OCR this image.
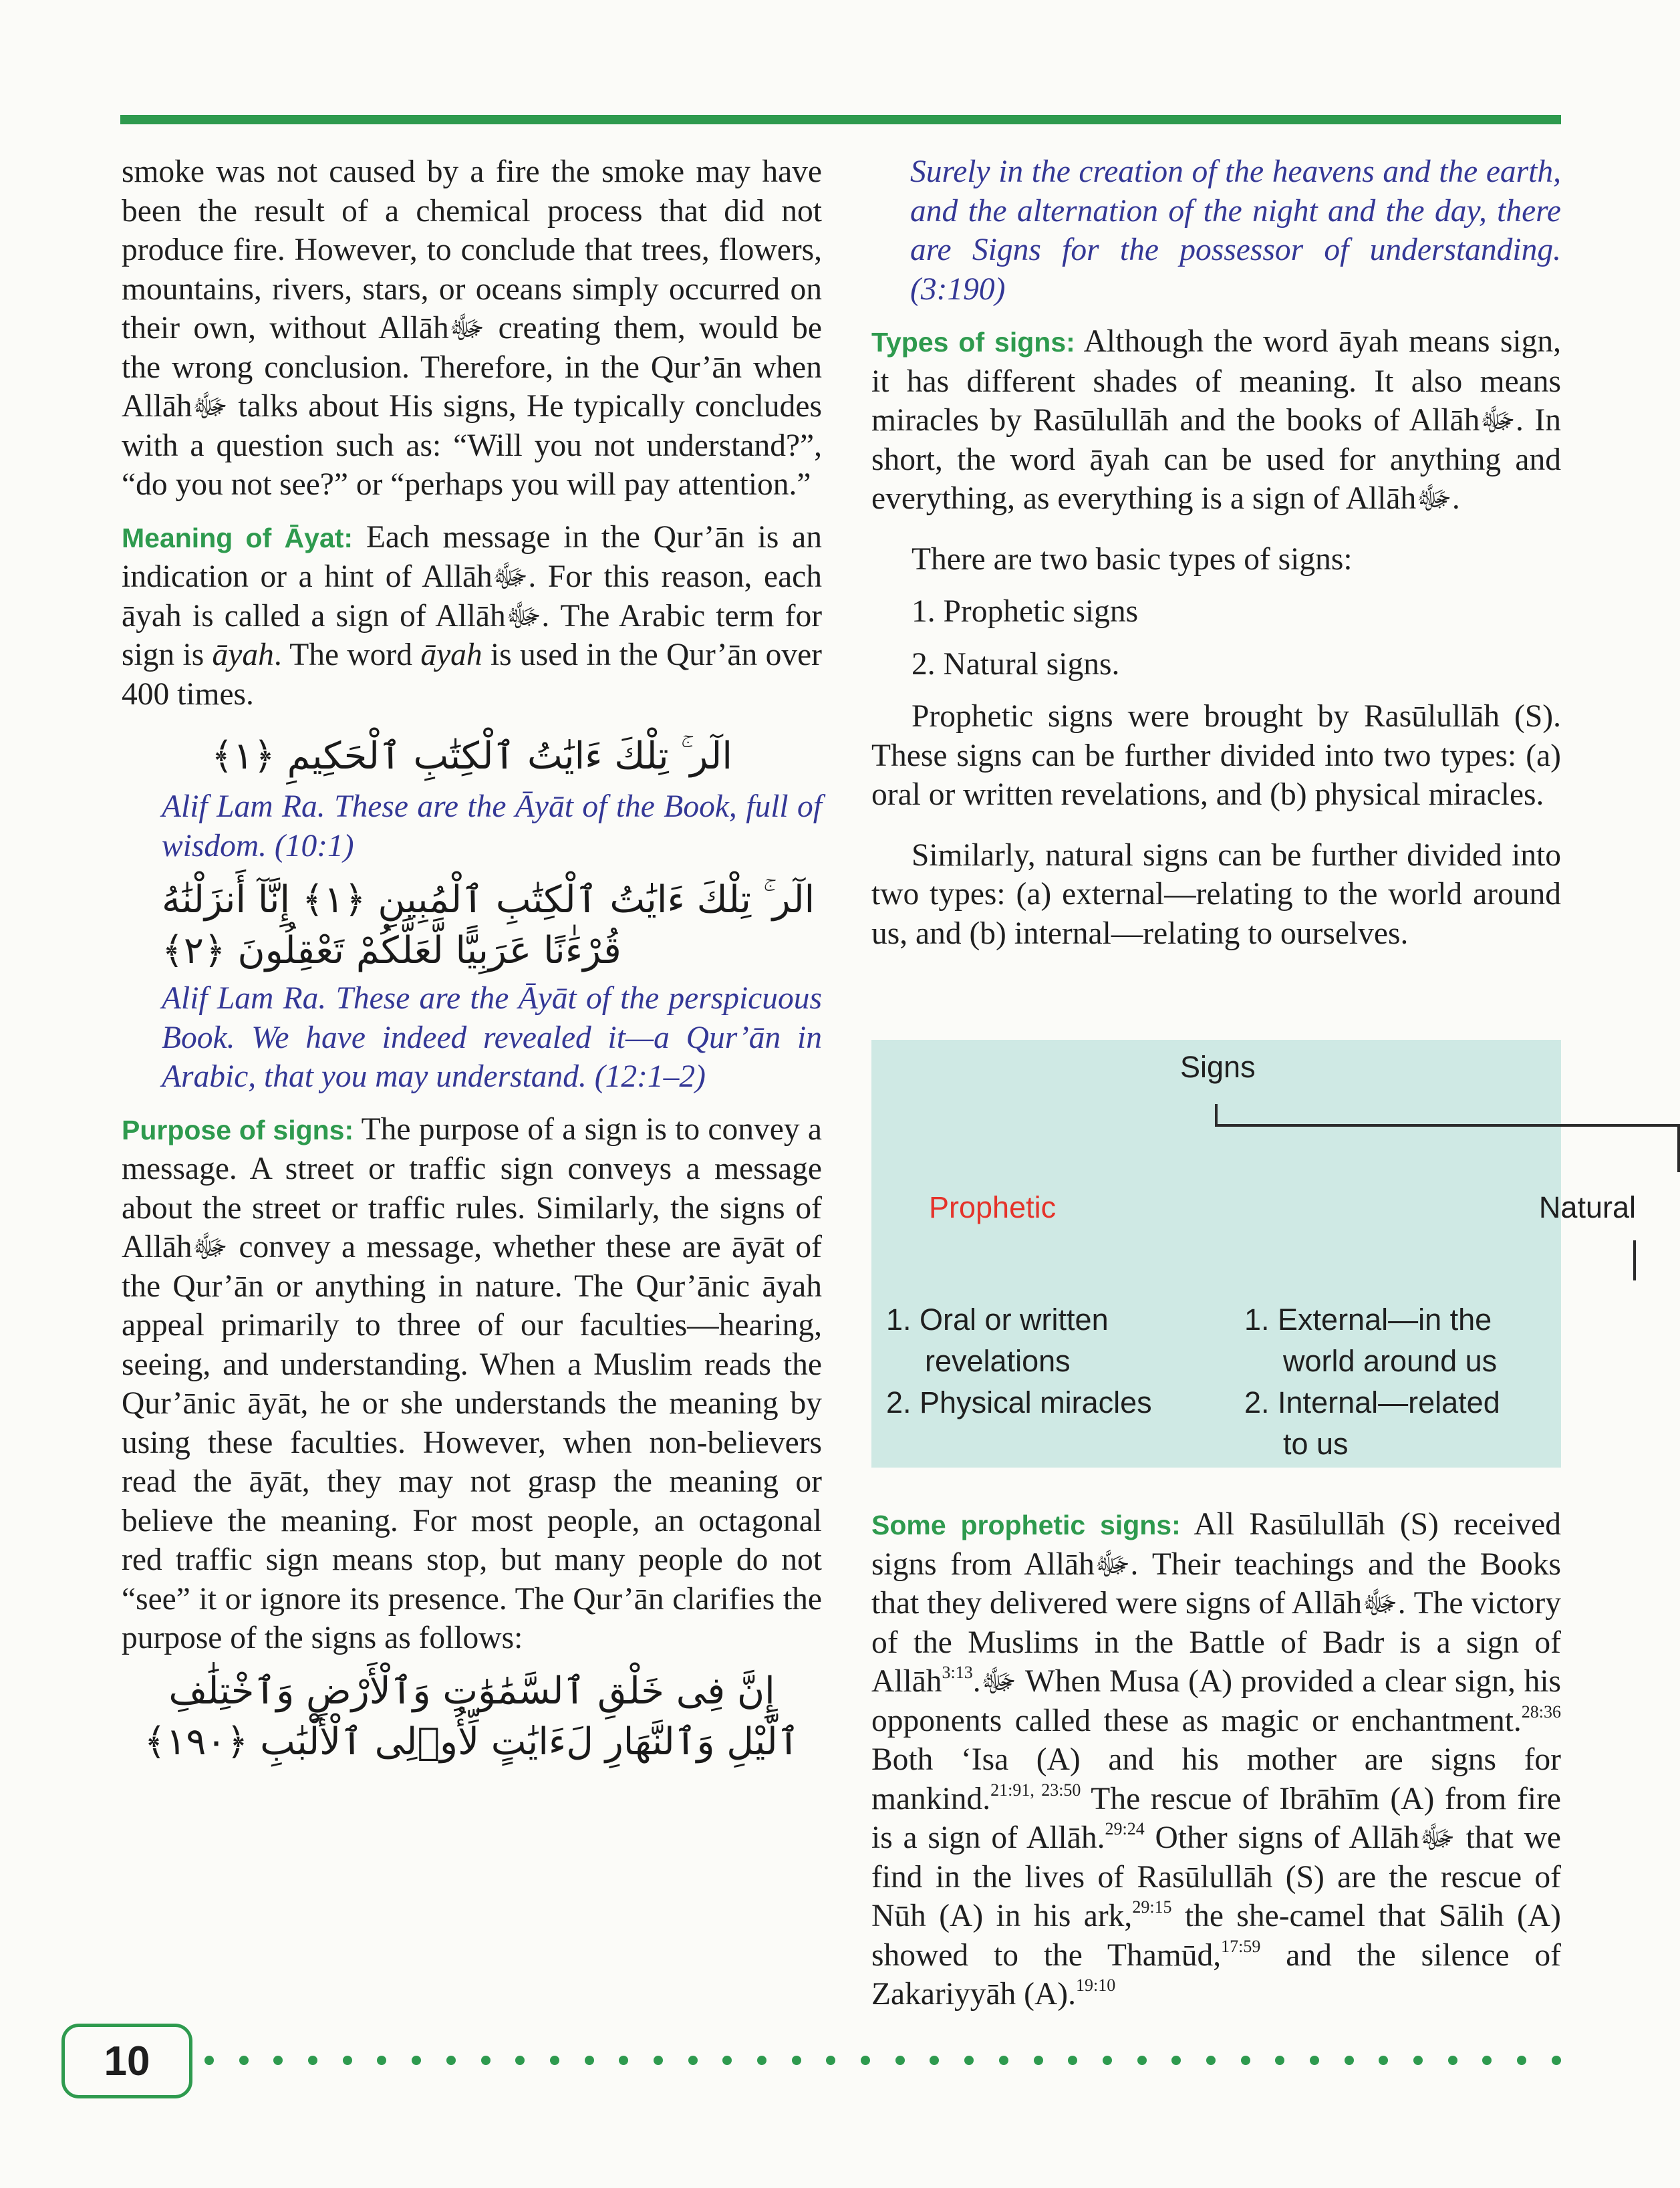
smoke was not caused by a fire the smoke may have been the result of a chemical process that did not produce fire. However, to conclude that trees, flowers, mountains, rivers, stars, or oceans simply occurred on their own, without Allāhﷻ creating them, would be the wrong conclusion. Therefore, in the Qur’ān when Allāhﷻ talks about His signs, He typically concludes with a question such as: “Will you not understand?”, “do you not see?” or “perhaps you will pay attention.”

Meaning of Āyat: Each message in the Qur’ān is an indication or a hint of Allāhﷻ. For this reason, each āyah is called a sign of Allāhﷻ. The Arabic term for sign is āyah. The word āyah is used in the Qur’ān over 400 times.

الٓر ۚ تِلْكَ ءَايَٰتُ ٱلْكِتَٰبِ ٱلْحَكِيمِ ﴿١﴾

Alif Lam Ra. These are the Āyāt of the Book, full of wisdom. (10:1)

الٓر ۚ تِلْكَ ءَايَٰتُ ٱلْكِتَٰبِ ٱلْمُبِينِ ﴿١﴾ إِنَّآ أَنزَلْنَٰهُ
قُرْءَٰنًا عَرَبِيًّا لَّعَلَّكُمْ تَعْقِلُونَ ﴿٢﴾

Alif Lam Ra. These are the Āyāt of the perspicuous Book. We have indeed revealed it—a Qur’ān in Arabic, that you may understand. (12:1–2)

Purpose of signs: The purpose of a sign is to convey a message. A street or traffic sign conveys a message about the street or traffic rules. Similarly, the signs of Allāhﷻ convey a message, whether these are āyāt of the Qur’ān or anything in nature. The Qur’ānic āyah appeal primarily to three of our faculties—hearing, seeing, and understanding. When a Muslim reads the Qur’ānic āyāt, he or she understands the meaning by using these faculties. However, when non-believers read the āyāt, they may not grasp the meaning or believe the meaning. For most people, an octagonal red traffic sign means stop, but many people do not “see” it or ignore its presence. The Qur’ān clarifies the purpose of the signs as follows:

إِنَّ فِى خَلْقِ ٱلسَّمَٰوَٰتِ وَٱلْأَرْضِ وَٱخْتِلَٰفِ
ٱلَّيْلِ وَٱلنَّهَارِ لَءَايَٰتٍ لِّأُو۟لِى ٱلْأَلْبَٰبِ ﴿١٩٠﴾

Surely in the creation of the heavens and the earth, and the alternation of the night and the day, there are Signs for the possessor of understanding. (3:190)

Types of signs: Although the word āyah means sign, it has different shades of meaning. It also means miracles by Rasūlullāh and the books of Allāhﷻ. In short, the word āyah can be used for anything and everything, as everything is a sign of Allāhﷻ.

There are two basic types of signs:

1. Prophetic signs

2. Natural signs.

Prophetic signs were brought by Rasūlullāh (S). These signs can be further divided into two types: (a) oral or written revelations, and (b) physical miracles.

Similarly, natural signs can be further divided into two types: (a) external—relating to the world around us, and (b) internal—relating to ourselves.

Signs
Prophetic	Natural
1. Oral or written
revelations
2. Physical miracles
1. External—in the
world around us
2. Internal—related
to us

Some prophetic signs: All Rasūlullāh (S) received signs from Allāhﷻ. Their teachings and the Books that they delivered were signs of Allāhﷻ. The victory of the Muslims in the Battle of Badr is a sign of Allāhﷻ.$^{3:13}$ When Musa (A) provided a clear sign, his opponents called these as magic or enchantment.$^{28:36}$ Both ‘Isa (A) and his mother are signs for mankind.$^{21:91, 23:50}$ The rescue of Ibrāhīm (A) from fire is a sign of Allāh.$^{29:24}$ Other signs of Allāhﷻ that we find in the lives of Rasūlullāh (S) are the rescue of Nūh (A) in his ark,$^{29:15}$ the she-camel that Sālih (A) showed to the Thamūd,$^{17:59}$ and the silence of Zakariyyāh (A).$^{19:10}$

10
